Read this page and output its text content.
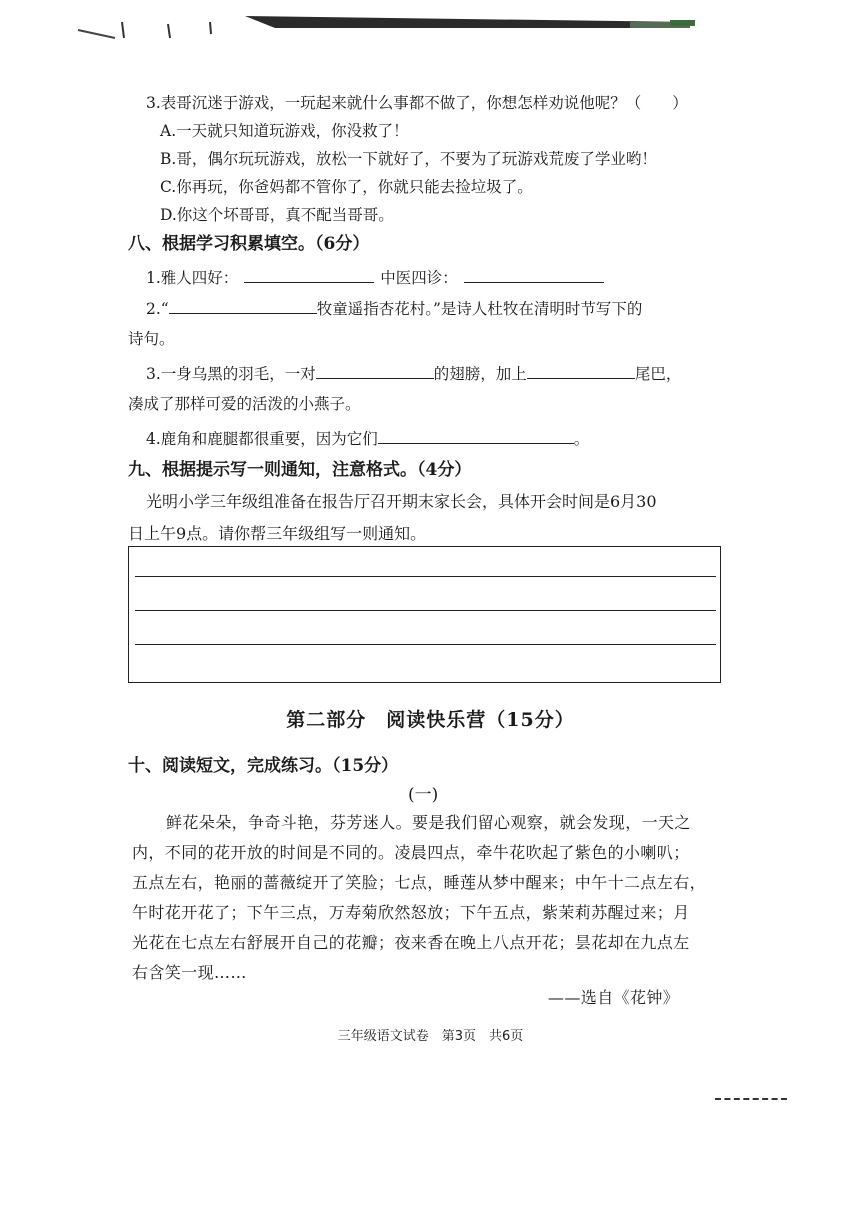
3.表哥沉迷于游戏，一玩起来就什么事都不做了，你想怎样劝说他呢？（　　）
A.一天就只知道玩游戏，你没救了！
B.哥，偶尔玩玩游戏，放松一下就好了，不要为了玩游戏荒废了学业哟！
C.你再玩，你爸妈都不管你了，你就只能去捡垃圾了。
D.你这个坏哥哥，真不配当哥哥。
八、根据学习积累填空。（6分）
1.雅人四好：	中医四诊：
2.“	牧童遥指杏花村。”是诗人杜牧在清明时节写下的
诗句。
3.一身乌黑的羽毛，一对	的翅膀，加上	尾巴，
凑成了那样可爱的活泼的小燕子。
4.鹿角和鹿腿都很重要，因为它们	。
九、根据提示写一则通知，注意格式。（4分）
光明小学三年级组准备在报告厅召开期末家长会，具体开会时间是6月30
日上午9点。请你帮三年级组写一则通知。
第二部分　阅读快乐营（15分）
十、阅读短文，完成练习。（15分）
(一)
鲜花朵朵，争奇斗艳，芬芳迷人。要是我们留心观察，就会发现，一天之
内，不同的花开放的时间是不同的。凌晨四点，牵牛花吹起了紫色的小喇叭；
五点左右，艳丽的蔷薇绽开了笑脸；七点，睡莲从梦中醒来；中午十二点左右，
午时花开花了；下午三点，万寿菊欣然怒放；下午五点，紫茉莉苏醒过来；月
光花在七点左右舒展开自己的花瓣；夜来香在晚上八点开花；昙花却在九点左
右含笑一现……
——选自《花钟》
三年级语文试卷　第3页　共6页
